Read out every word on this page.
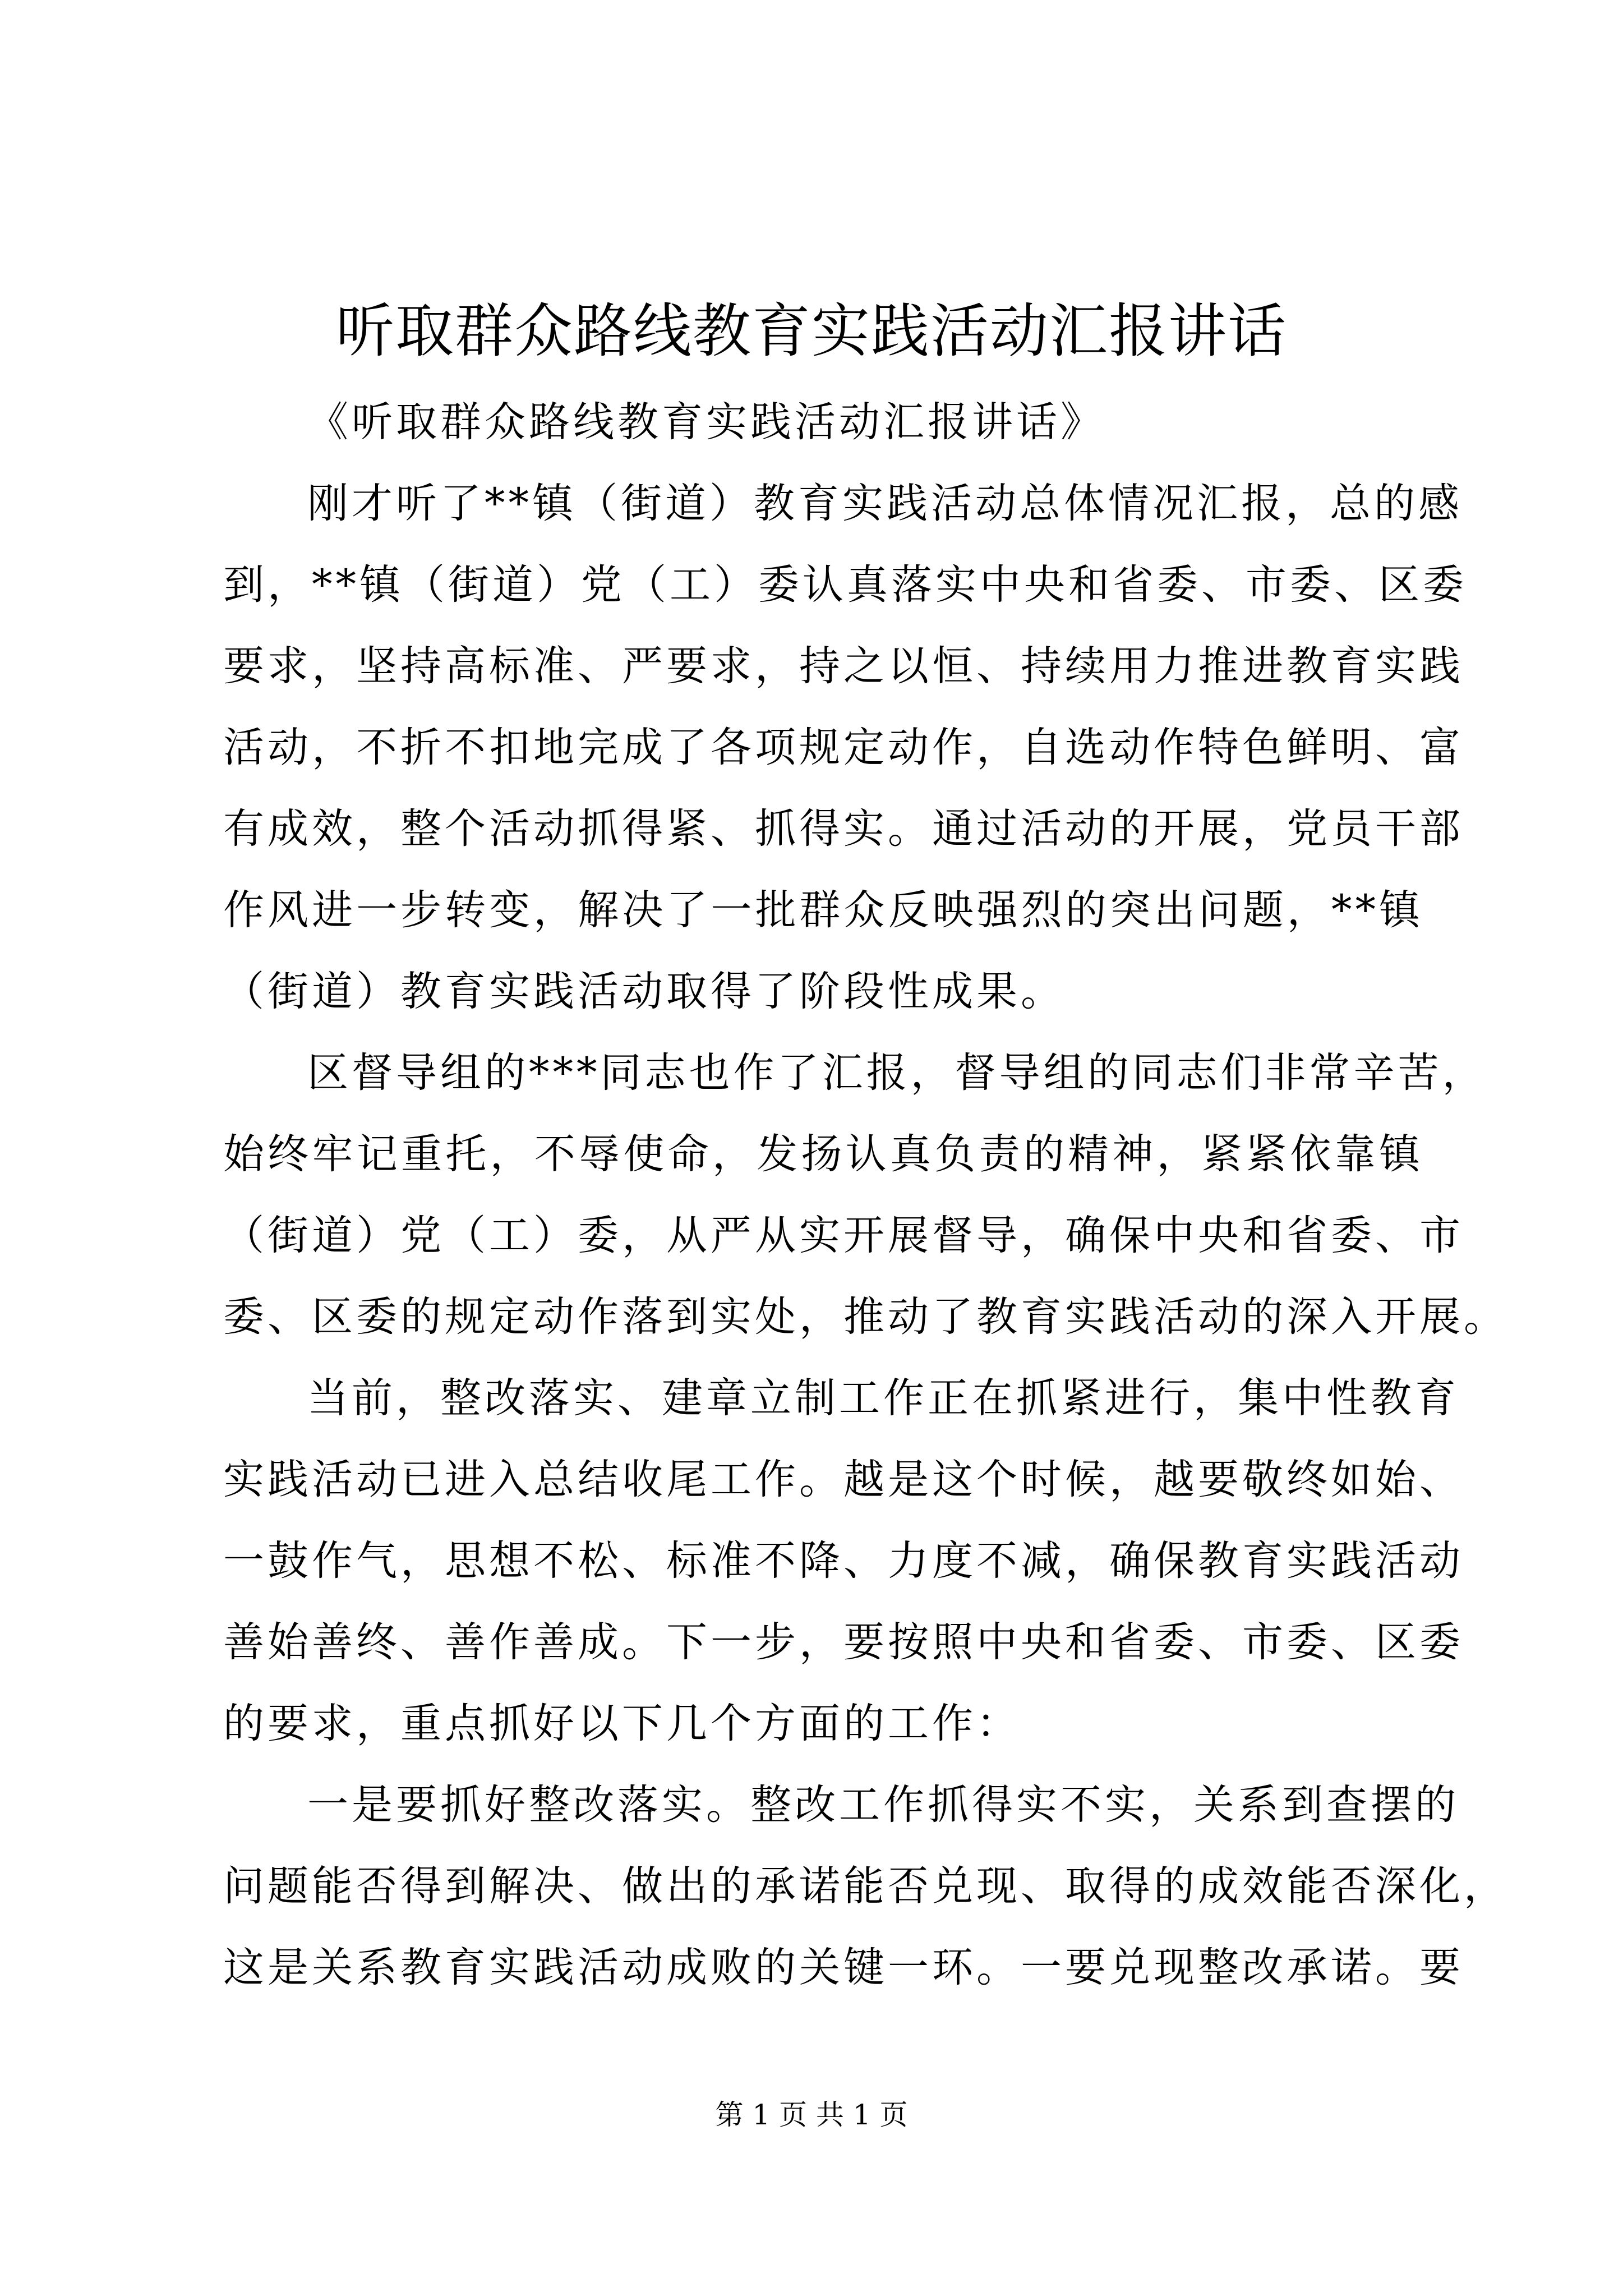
听取群众路线教育实践活动汇报讲话
《听取群众路线教育实践活动汇报讲话》
刚才听了**镇（街道）教育实践活动总体情况汇报，总的感
到，**镇（街道）党（工）委认真落实中央和省委、市委、区委
要求，坚持高标准、严要求，持之以恒、持续用力推进教育实践
活动，不折不扣地完成了各项规定动作，自选动作特色鲜明、富
有成效，整个活动抓得紧、抓得实。通过活动的开展，党员干部
作风进一步转变，解决了一批群众反映强烈的突出问题，**镇
（街道）教育实践活动取得了阶段性成果。
区督导组的***同志也作了汇报，督导组的同志们非常辛苦，
始终牢记重托，不辱使命，发扬认真负责的精神，紧紧依靠镇
（街道）党（工）委，从严从实开展督导，确保中央和省委、市
委、区委的规定动作落到实处，推动了教育实践活动的深入开展。
当前，整改落实、建章立制工作正在抓紧进行，集中性教育
实践活动已进入总结收尾工作。越是这个时候，越要敬终如始、
一鼓作气，思想不松、标准不降、力度不减，确保教育实践活动
善始善终、善作善成。下一步，要按照中央和省委、市委、区委
的要求，重点抓好以下几个方面的工作：
一是要抓好整改落实。整改工作抓得实不实，关系到查摆的
问题能否得到解决、做出的承诺能否兑现、取得的成效能否深化，
这是关系教育实践活动成败的关键一环。一要兑现整改承诺。要
第 1 页 共 1 页
